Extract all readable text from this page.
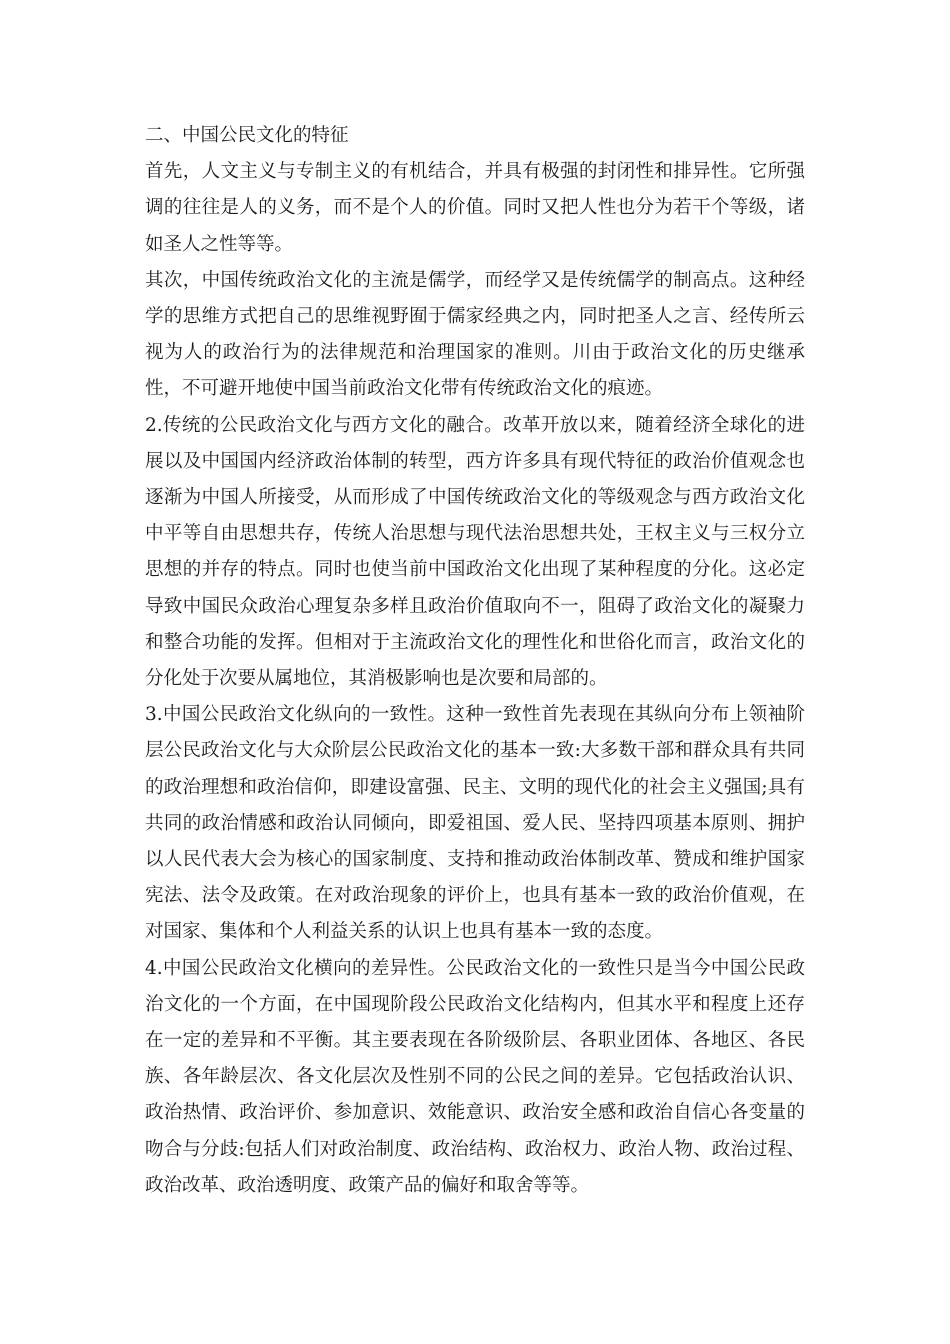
二、中国公民文化的特征

首先，人文主义与专制主义的有机结合，并具有极强的封闭性和排异性。它所强调的往往是人的义务，而不是个人的价值。同时又把人性也分为若干个等级，诸如圣人之性等等。

其次，中国传统政治文化的主流是儒学，而经学又是传统儒学的制高点。这种经学的思维方式把自己的思维视野囿于儒家经典之内，同时把圣人之言、经传所云视为人的政治行为的法律规范和治理国家的准则。川由于政治文化的历史继承性，不可避开地使中国当前政治文化带有传统政治文化的痕迹。

2.传统的公民政治文化与西方文化的融合。改革开放以来，随着经济全球化的进展以及中国国内经济政治体制的转型，西方许多具有现代特征的政治价值观念也逐渐为中国人所接受，从而形成了中国传统政治文化的等级观念与西方政治文化中平等自由思想共存，传统人治思想与现代法治思想共处，王权主义与三权分立思想的并存的特点。同时也使当前中国政治文化出现了某种程度的分化。这必定导致中国民众政治心理复杂多样且政治价值取向不一，阻碍了政治文化的凝聚力和整合功能的发挥。但相对于主流政治文化的理性化和世俗化而言，政治文化的分化处于次要从属地位，其消极影响也是次要和局部的。

3.中国公民政治文化纵向的一致性。这种一致性首先表现在其纵向分布上领袖阶层公民政治文化与大众阶层公民政治文化的基本一致:大多数干部和群众具有共同的政治理想和政治信仰，即建设富强、民主、文明的现代化的社会主义强国;具有共同的政治情感和政治认同倾向，即爱祖国、爱人民、坚持四项基本原则、拥护以人民代表大会为核心的国家制度、支持和推动政治体制改革、赞成和维护国家宪法、法令及政策。在对政治现象的评价上，也具有基本一致的政治价值观，在对国家、集体和个人利益关系的认识上也具有基本一致的态度。

4.中国公民政治文化横向的差异性。公民政治文化的一致性只是当今中国公民政治文化的一个方面，在中国现阶段公民政治文化结构内，但其水平和程度上还存在一定的差异和不平衡。其主要表现在各阶级阶层、各职业团体、各地区、各民族、各年龄层次、各文化层次及性别不同的公民之间的差异。它包括政治认识、政治热情、政治评价、参加意识、效能意识、政治安全感和政治自信心各变量的吻合与分歧:包括人们对政治制度、政治结构、政治权力、政治人物、政治过程、政治改革、政治透明度、政策产品的偏好和取舍等等。
